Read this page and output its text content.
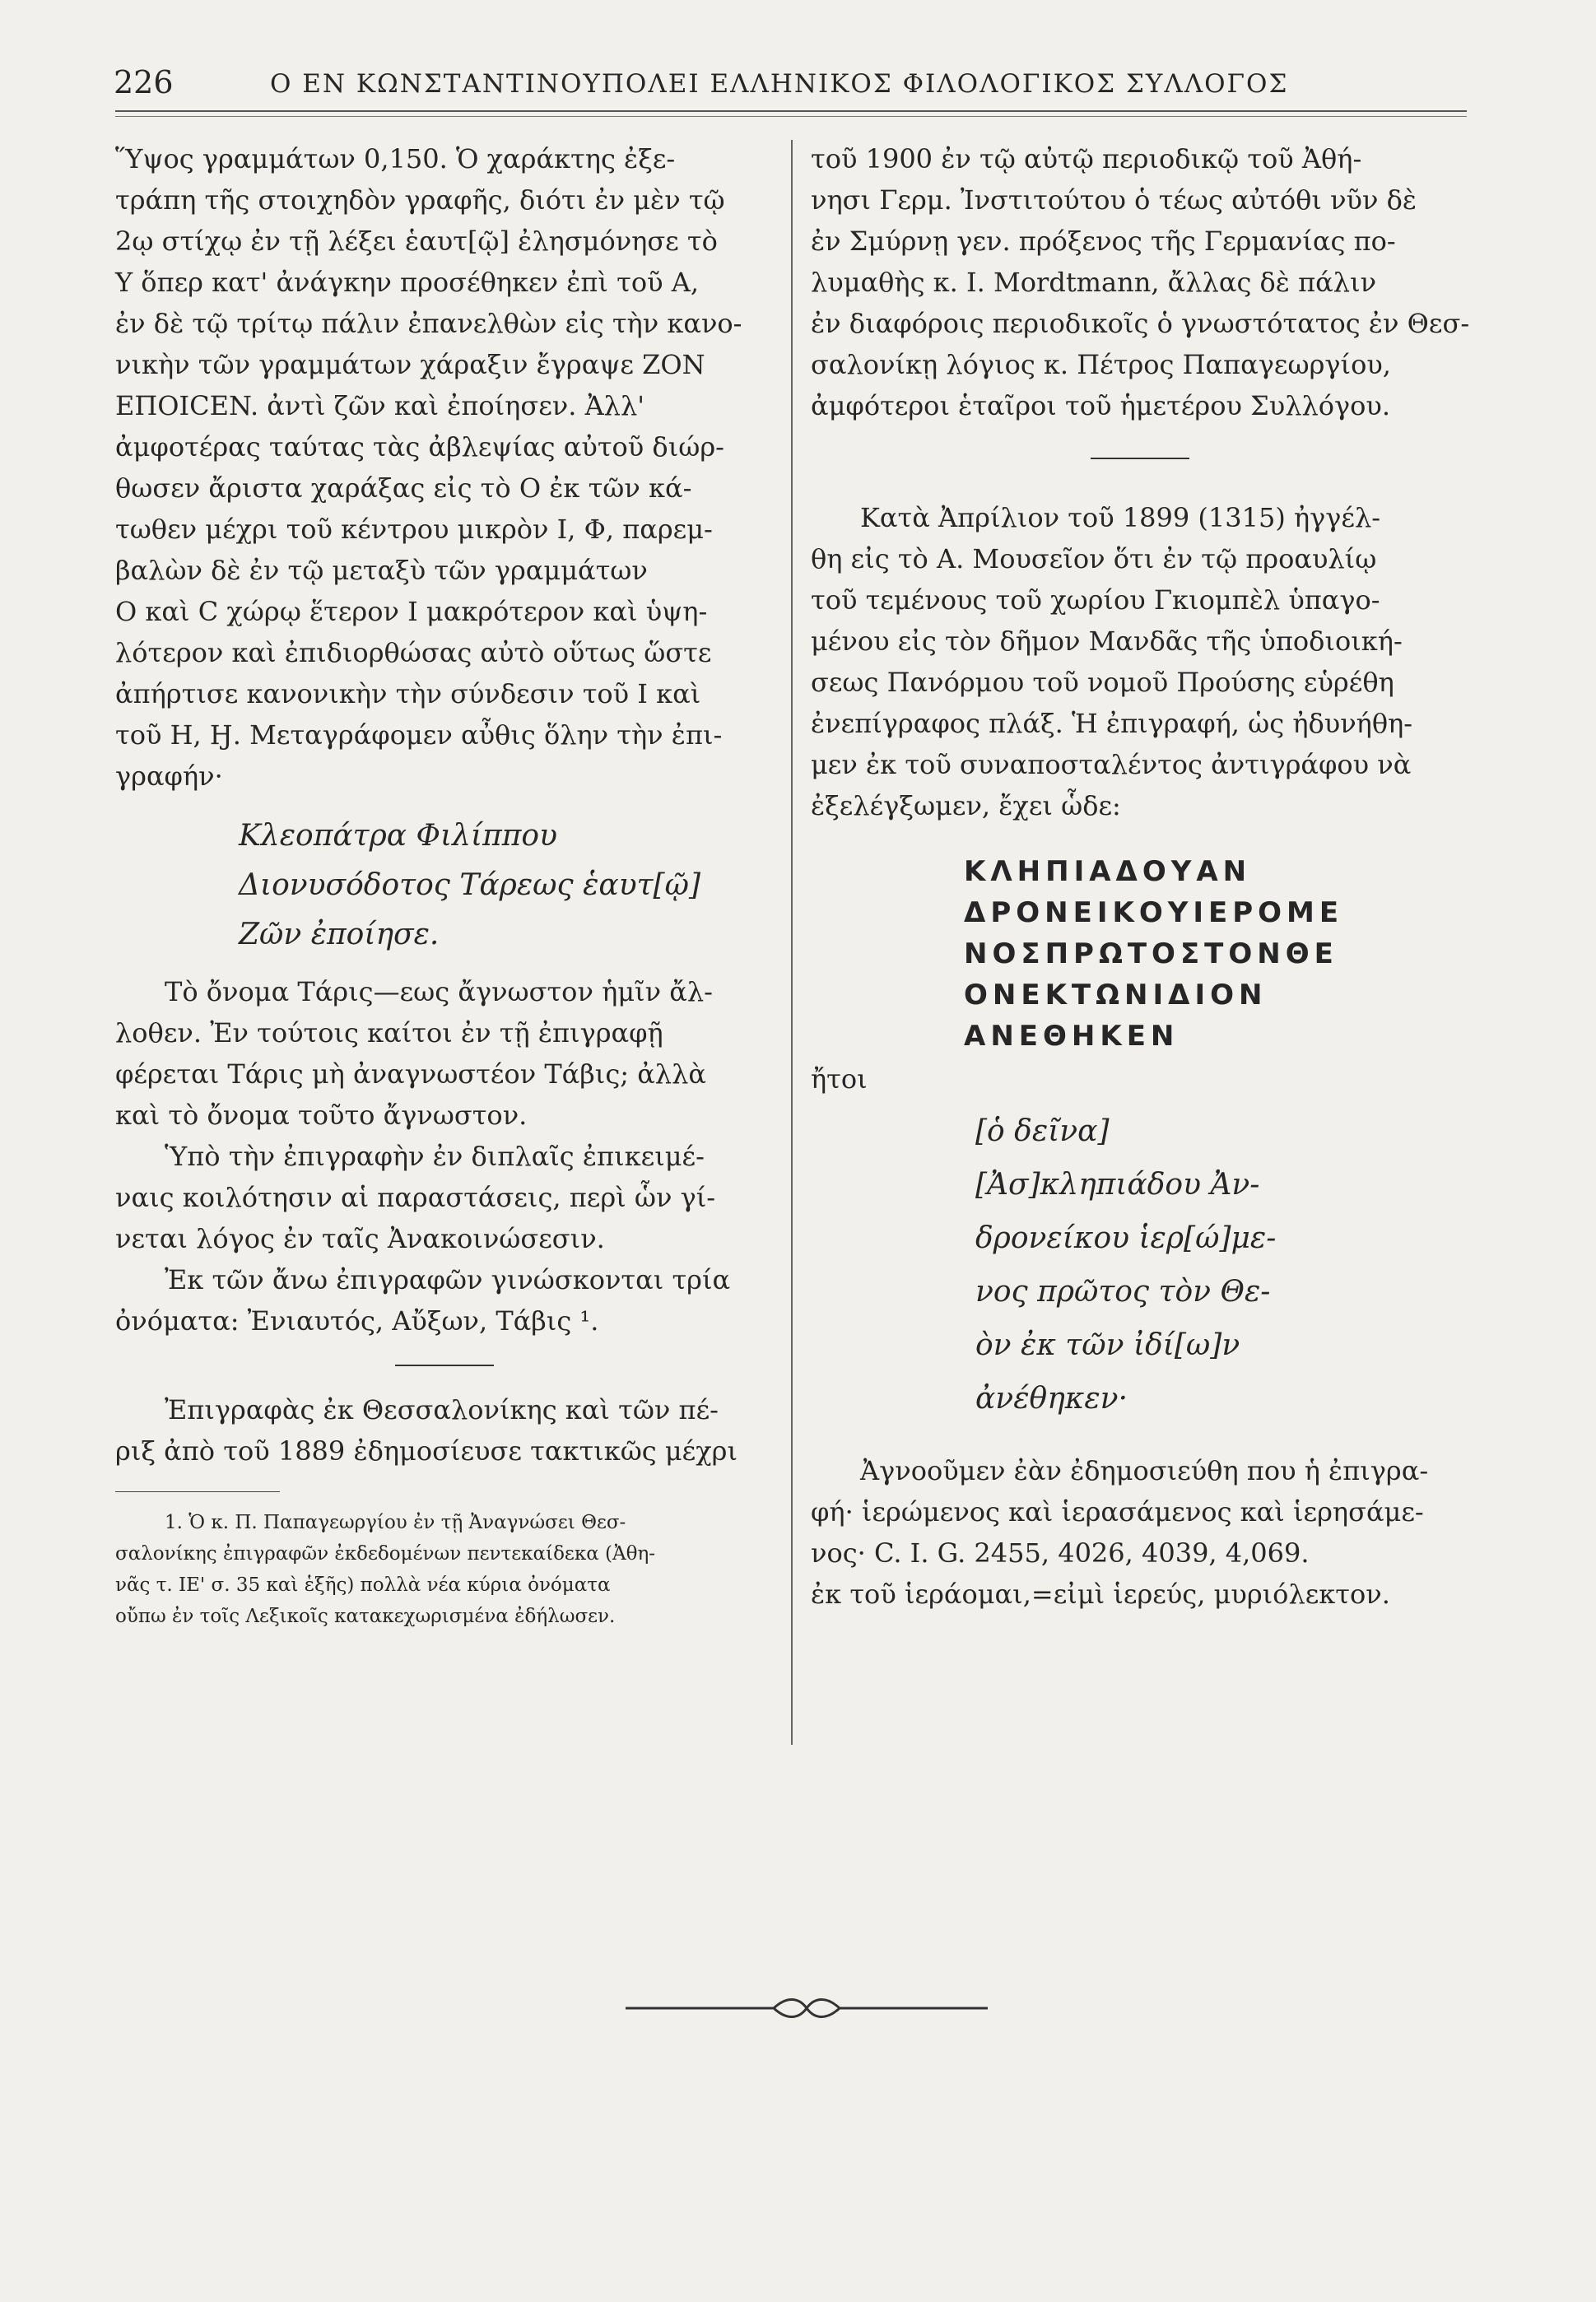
226	Ο ΕΝ ΚΩΝΣΤΑΝΤΙΝΟΥΠΟΛΕΙ ΕΛΛΗΝΙΚΟΣ ΦΙΛΟΛΟΓΙΚΟΣ ΣΥΛΛΟΓΟΣ
Ὕψος γραμμάτων 0,150. Ὁ χαράκτης ἐξε-
τράπη τῆς στοιχηδὸν γραφῆς, διότι ἐν μὲν τῷ
2ῳ στίχῳ ἐν τῇ λέξει ἑαυτ[ῷ] ἐλησμόνησε τὸ
Υ ὅπερ κατ' ἀνάγκην προσέθηκεν ἐπὶ τοῦ Α,
ἐν δὲ τῷ τρίτῳ πάλιν ἐπανελθὼν εἰς τὴν κανο-
νικὴν τῶν γραμμάτων χάραξιν ἔγραψε ΖΟΝ
ΕΠΟΙCEN. ἀντὶ ζῶν καὶ ἐποίησεν. Ἀλλ'
ἀμφοτέρας ταύτας τὰς ἀβλεψίας αὐτοῦ διώρ-
θωσεν ἄριστα χαράξας εἰς τὸ Ο ἐκ τῶν κά-
τωθεν μέχρι τοῦ κέντρου μικρὸν Ι, Φ, παρεμ-
βαλὼν δὲ ἐν τῷ μεταξὺ τῶν γραμμάτων
Ο καὶ C χώρῳ ἕτερον Ι μακρότερον καὶ ὑψη-
λότερον καὶ ἐπιδιορθώσας αὐτὸ οὕτως ὥστε
ἀπήρτισε κανονικὴν τὴν σύνδεσιν τοῦ Ι καὶ
τοῦ Η, Ӈ. Μεταγράφομεν αὖθις ὅλην τὴν ἐπι-
γραφήν·
Κλεοπάτρα Φιλίππου
Διονυσόδοτος Τάρεως ἑαυτ[ῷ]
Ζῶν ἐποίησε.
Τὸ ὄνομα Τάρις—εως ἄγνωστον ἡμῖν ἄλ-
λοθεν. Ἐν τούτοις καίτοι ἐν τῇ ἐπιγραφῇ
φέρεται Τάρις μὴ ἀναγνωστέον Τάβις; ἀλλὰ
καὶ τὸ ὄνομα τοῦτο ἄγνωστον.
Ὑπὸ τὴν ἐπιγραφὴν ἐν διπλαῖς ἐπικειμέ-
ναις κοιλότησιν αἱ παραστάσεις, περὶ ὧν γί-
νεται λόγος ἐν ταῖς Ἀνακοινώσεσιν.
Ἐκ τῶν ἄνω ἐπιγραφῶν γινώσκονται τρία
ὀνόματα: Ἐνιαυτός, Αὔξων, Τάβις ¹.
Ἐπιγραφὰς ἐκ Θεσσαλονίκης καὶ τῶν πέ-
ριξ ἀπὸ τοῦ 1889 ἐδημοσίευσε τακτικῶς μέχρι
1. Ὁ κ. Π. Παπαγεωργίου ἐν τῇ Ἀναγνώσει Θεσ-
σαλονίκης ἐπιγραφῶν ἐκδεδομένων πεντεκαίδεκα (Ἀθη-
νᾶς τ. ΙΕ' σ. 35 καὶ ἑξῆς) πολλὰ νέα κύρια ὀνόματα
οὔπω ἐν τοῖς Λεξικοῖς κατακεχωρισμένα ἐδήλωσεν.
τοῦ 1900 ἐν τῷ αὐτῷ περιοδικῷ τοῦ Ἀθή-
νησι Γερμ. Ἰνστιτούτου ὁ τέως αὐτόθι νῦν δὲ
ἐν Σμύρνῃ γεν. πρόξενος τῆς Γερμανίας πο-
λυμαθὴς κ. I. Mordtmann, ἄλλας δὲ πάλιν
ἐν διαφόροις περιοδικοῖς ὁ γνωστότατος ἐν Θεσ-
σαλονίκῃ λόγιος κ. Πέτρος Παπαγεωργίου,
ἀμφότεροι ἑταῖροι τοῦ ἡμετέρου Συλλόγου.
Κατὰ Ἀπρίλιον τοῦ 1899 (1315) ἠγγέλ-
θη εἰς τὸ Α. Μουσεῖον ὅτι ἐν τῷ προαυλίῳ
τοῦ τεμένους τοῦ χωρίου Γκιομπὲλ ὑπαγο-
μένου εἰς τὸν δῆμον Μανδᾶς τῆς ὑποδιοική-
σεως Πανόρμου τοῦ νομοῦ Προύσης εὑρέθη
ἐνεπίγραφος πλάξ. Ἡ ἐπιγραφή, ὡς ἠδυνήθη-
μεν ἐκ τοῦ συναποσταλέντος ἀντιγράφου νὰ
ἐξελέγξωμεν, ἔχει ὧδε:
ΚΛΗΠΙΑΔΟΥΑΝ
ΔΡΟΝΕΙΚΟΥΙΕΡΟΜΕ
ΝΟΣΠΡΩΤΟΣΤΟΝΘΕ
ΟΝΕΚΤΩΝΙΔΙΟΝ
ΑΝΕΘΗΚΕΝ
ἤτοι
[ὁ δεῖνα]
[Ἀσ]κληπιάδου Ἀν-
δρονείκου ἱερ[ώ]με-
νος πρῶτος τὸν Θε-
ὸν ἐκ τῶν ἰδί[ω]ν
ἀνέθηκεν·
Ἀγνοοῦμεν ἐὰν ἐδημοσιεύθη που ἡ ἐπιγρα-
φή· ἱερώμενος καὶ ἱερασάμενος καὶ ἱερησάμε-
νος· C. I. G. 2455, 4026, 4039, 4,069.
ἐκ τοῦ ἱεράομαι,=εἰμὶ ἱερεύς, μυριόλεκτον.
